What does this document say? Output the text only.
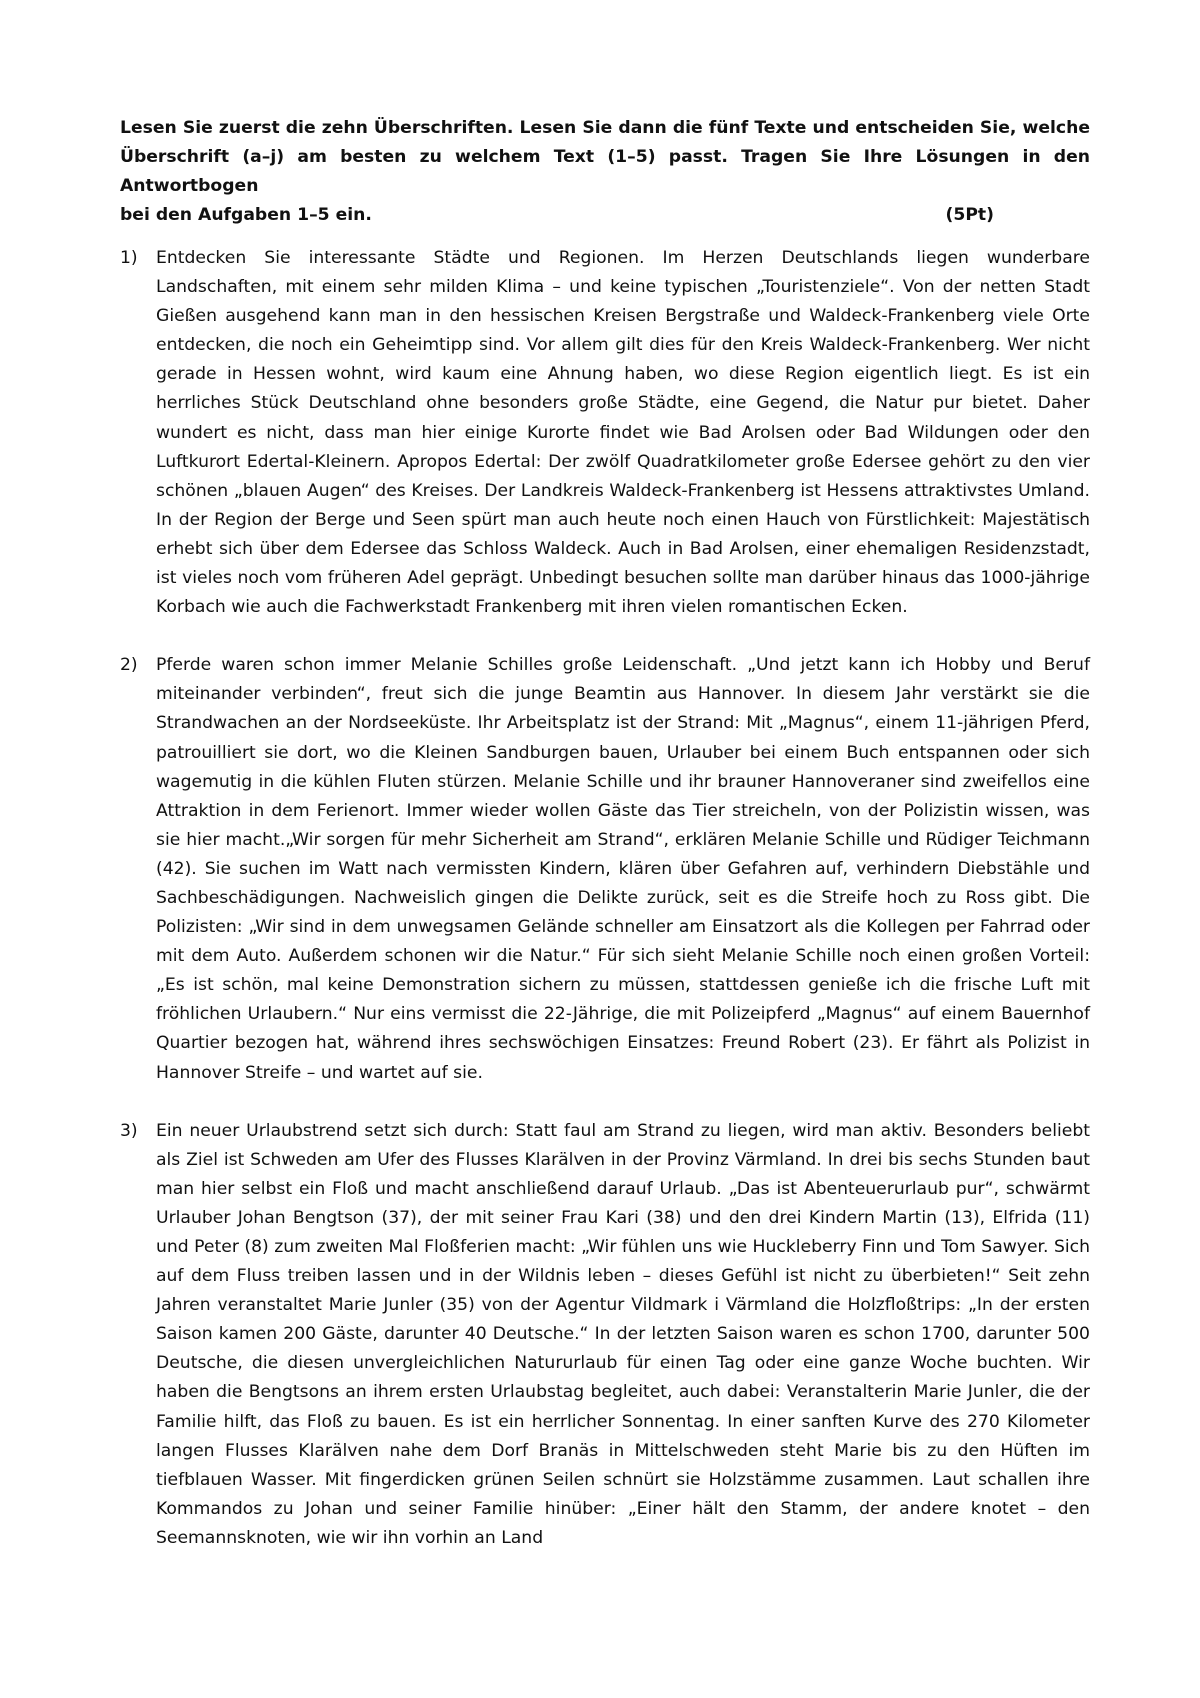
Lesen Sie zuerst die zehn Überschriften. Lesen Sie dann die fünf Texte und entscheiden Sie, welche Überschrift (a–j) am besten zu welchem Text (1–5) passt. Tragen Sie Ihre Lösungen in den Antwortbogen

bei den Aufgaben 1–5 ein.	(5Pt)
1)	Entdecken Sie interessante Städte und Regionen. Im Herzen Deutschlands liegen wunderbare Landschaften, mit einem sehr milden Klima – und keine typischen „Touristenziele“. Von der netten Stadt Gießen ausgehend kann man in den hessischen Kreisen Bergstraße und Waldeck-Frankenberg viele Orte entdecken, die noch ein Geheimtipp sind. Vor allem gilt dies für den Kreis Waldeck-Frankenberg. Wer nicht gerade in Hessen wohnt, wird kaum eine Ahnung haben, wo diese Region eigentlich liegt. Es ist ein herrliches Stück Deutschland ohne besonders große Städte, eine Gegend, die Natur pur bietet. Daher wundert es nicht, dass man hier einige Kurorte findet wie Bad Arolsen oder Bad Wildungen oder den Luftkurort Edertal-Kleinern. Apropos Edertal: Der zwölf Quadratkilometer große Edersee gehört zu den vier schönen „blauen Augen“ des Kreises. Der Landkreis Waldeck-Frankenberg ist Hessens attraktivstes Umland. In der Region der Berge und Seen spürt man auch heute noch einen Hauch von Fürstlichkeit: Majestätisch erhebt sich über dem Edersee das Schloss Waldeck. Auch in Bad Arolsen, einer ehemaligen Residenzstadt, ist vieles noch vom früheren Adel geprägt. Unbedingt besuchen sollte man darüber hinaus das 1000-jährige Korbach wie auch die Fachwerkstadt Frankenberg mit ihren vielen romantischen Ecken.

2)	Pferde waren schon immer Melanie Schilles große Leidenschaft. „Und jetzt kann ich Hobby und Beruf miteinander verbinden“, freut sich die junge Beamtin aus Hannover. In diesem Jahr verstärkt sie die Strandwachen an der Nordseeküste. Ihr Arbeitsplatz ist der Strand: Mit „Magnus“, einem 11-jährigen Pferd, patrouilliert sie dort, wo die Kleinen Sandburgen bauen, Urlauber bei einem Buch entspannen oder sich wagemutig in die kühlen Fluten stürzen. Melanie Schille und ihr brauner Hannoveraner sind zweifellos eine Attraktion in dem Ferienort. Immer wieder wollen Gäste das Tier streicheln, von der Polizistin wissen, was sie hier macht.„Wir sorgen für mehr Sicherheit am Strand“, erklären Melanie Schille und Rüdiger Teichmann (42). Sie suchen im Watt nach vermissten Kindern, klären über Gefahren auf, verhindern Diebstähle und Sachbeschädigungen. Nachweislich gingen die Delikte zurück, seit es die Streife hoch zu Ross gibt. Die Polizisten: „Wir sind in dem unwegsamen Gelände schneller am Einsatzort als die Kollegen per Fahrrad oder mit dem Auto. Außerdem schonen wir die Natur.“ Für sich sieht Melanie Schille noch einen großen Vorteil: „Es ist schön, mal keine Demonstration sichern zu müssen, stattdessen genieße ich die frische Luft mit fröhlichen Urlaubern.“ Nur eins vermisst die 22-Jährige, die mit Polizeipferd „Magnus“ auf einem Bauernhof Quartier bezogen hat, während ihres sechswöchigen Einsatzes: Freund Robert (23). Er fährt als Polizist in Hannover Streife – und wartet auf sie.

3)	Ein neuer Urlaubstrend setzt sich durch: Statt faul am Strand zu liegen, wird man aktiv. Besonders beliebt als Ziel ist Schweden am Ufer des Flusses Klarälven in der Provinz Värmland. In drei bis sechs Stunden baut man hier selbst ein Floß und macht anschließend darauf Urlaub. „Das ist Abenteuerurlaub pur“, schwärmt Urlauber Johan Bengtson (37), der mit seiner Frau Kari (38) und den drei Kindern Martin (13), Elfrida (11) und Peter (8) zum zweiten Mal Floßferien macht: „Wir fühlen uns wie Huckleberry Finn und Tom Sawyer. Sich auf dem Fluss treiben lassen und in der Wildnis leben – dieses Gefühl ist nicht zu überbieten!“ Seit zehn Jahren veranstaltet Marie Junler (35) von der Agentur Vildmark i Värmland die Holzfloßtrips: „In der ersten Saison kamen 200 Gäste, darunter 40 Deutsche.“ In der letzten Saison waren es schon 1700, darunter 500 Deutsche, die diesen unvergleichlichen Natururlaub für einen Tag oder eine ganze Woche buchten. Wir haben die Bengtsons an ihrem ersten Urlaubstag begleitet, auch dabei: Veranstalterin Marie Junler, die der Familie hilft, das Floß zu bauen. Es ist ein herrlicher Sonnentag. In einer sanften Kurve des 270 Kilometer langen Flusses Klarälven nahe dem Dorf Branäs in Mittelschweden steht Marie bis zu den Hüften im tiefblauen Wasser. Mit fingerdicken grünen Seilen schnürt sie Holzstämme zusammen. Laut schallen ihre Kommandos zu Johan und seiner Familie hinüber: „Einer hält den Stamm, der andere knotet – den Seemannsknoten, wie wir ihn vorhin an Land
